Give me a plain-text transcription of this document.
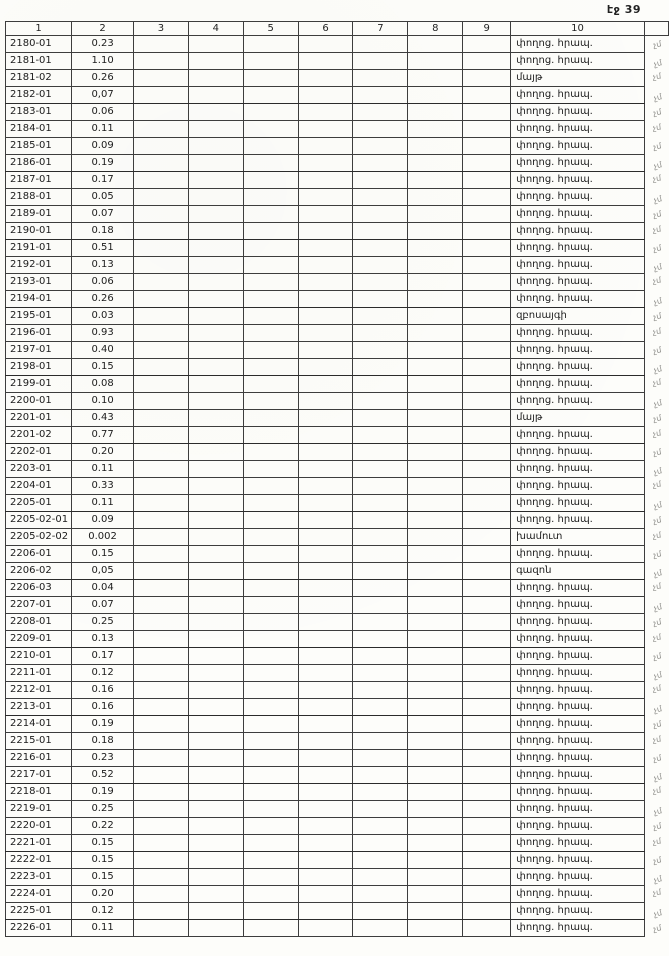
էջ 39
1	2	3	4	5	6	7	8	9	10	
2180-01	0.23								փողոց. հրապ.	չմ
2181-01	1.10								փողոց. հրապ.	չմ
2181-02	0.26								մայթ	չմ
2182-01	0,07								փողոց. հրապ.	չմ
2183-01	0.06								փողոց. հրապ.	չմ
2184-01	0.11								փողոց. հրապ.	չմ
2185-01	0.09								փողոց. հրապ.	չմ
2186-01	0.19								փողոց. հրապ.	չմ
2187-01	0.17								փողոց. հրապ.	չմ
2188-01	0.05								փողոց. հրապ.	չմ
2189-01	0.07								փողոց. հրապ.	չմ
2190-01	0.18								փողոց. հրապ.	չմ
2191-01	0.51								փողոց. հրապ.	չմ
2192-01	0.13								փողոց. հրապ.	չմ
2193-01	0.06								փողոց. հրապ.	չմ
2194-01	0.26								փողոց. հրապ.	չմ
2195-01	0.03								զբոսայգի	չմ
2196-01	0.93								փողոց. հրապ.	չմ
2197-01	0.40								փողոց. հրապ.	չմ
2198-01	0.15								փողոց. հրապ.	չմ
2199-01	0.08								փողոց. հրապ.	չմ
2200-01	0.10								փողոց. հրապ.	չմ
2201-01	0.43								մայթ	չմ
2201-02	0.77								փողոց. հրապ.	չմ
2202-01	0.20								փողոց. հրապ.	չմ
2203-01	0.11								փողոց. հրապ.	չմ
2204-01	0.33								փողոց. հրապ.	չմ
2205-01	0.11								փողոց. հրապ.	չմ
2205-02-01	0.09								փողոց. հրապ.	չմ
2205-02-02	0.002								խամուտ	չմ
2206-01	0.15								փողոց. հրապ.	չմ
2206-02	0,05								գազոն	չմ
2206-03	0.04								փողոց. հրապ.	չմ
2207-01	0.07								փողոց. հրապ.	չմ
2208-01	0.25								փողոց. հրապ.	չմ
2209-01	0.13								փողոց. հրապ.	չմ
2210-01	0.17								փողոց. հրապ.	չմ
2211-01	0.12								փողոց. հրապ.	չմ
2212-01	0.16								փողոց. հրապ.	չմ
2213-01	0.16								փողոց. հրապ.	չմ
2214-01	0.19								փողոց. հրապ.	չմ
2215-01	0.18								փողոց. հրապ.	չմ
2216-01	0.23								փողոց. հրապ.	չմ
2217-01	0.52								փողոց. հրապ.	չմ
2218-01	0.19								փողոց. հրապ.	չմ
2219-01	0.25								փողոց. հրապ.	չմ
2220-01	0.22								փողոց. հրապ.	չմ
2221-01	0.15								փողոց. հրապ.	չմ
2222-01	0.15								փողոց. հրապ.	չմ
2223-01	0.15								փողոց. հրապ.	չմ
2224-01	0.20								փողոց. հրապ.	չմ
2225-01	0.12								փողոց. հրապ.	չմ
2226-01	0.11								փողոց. հրապ.	չմ
